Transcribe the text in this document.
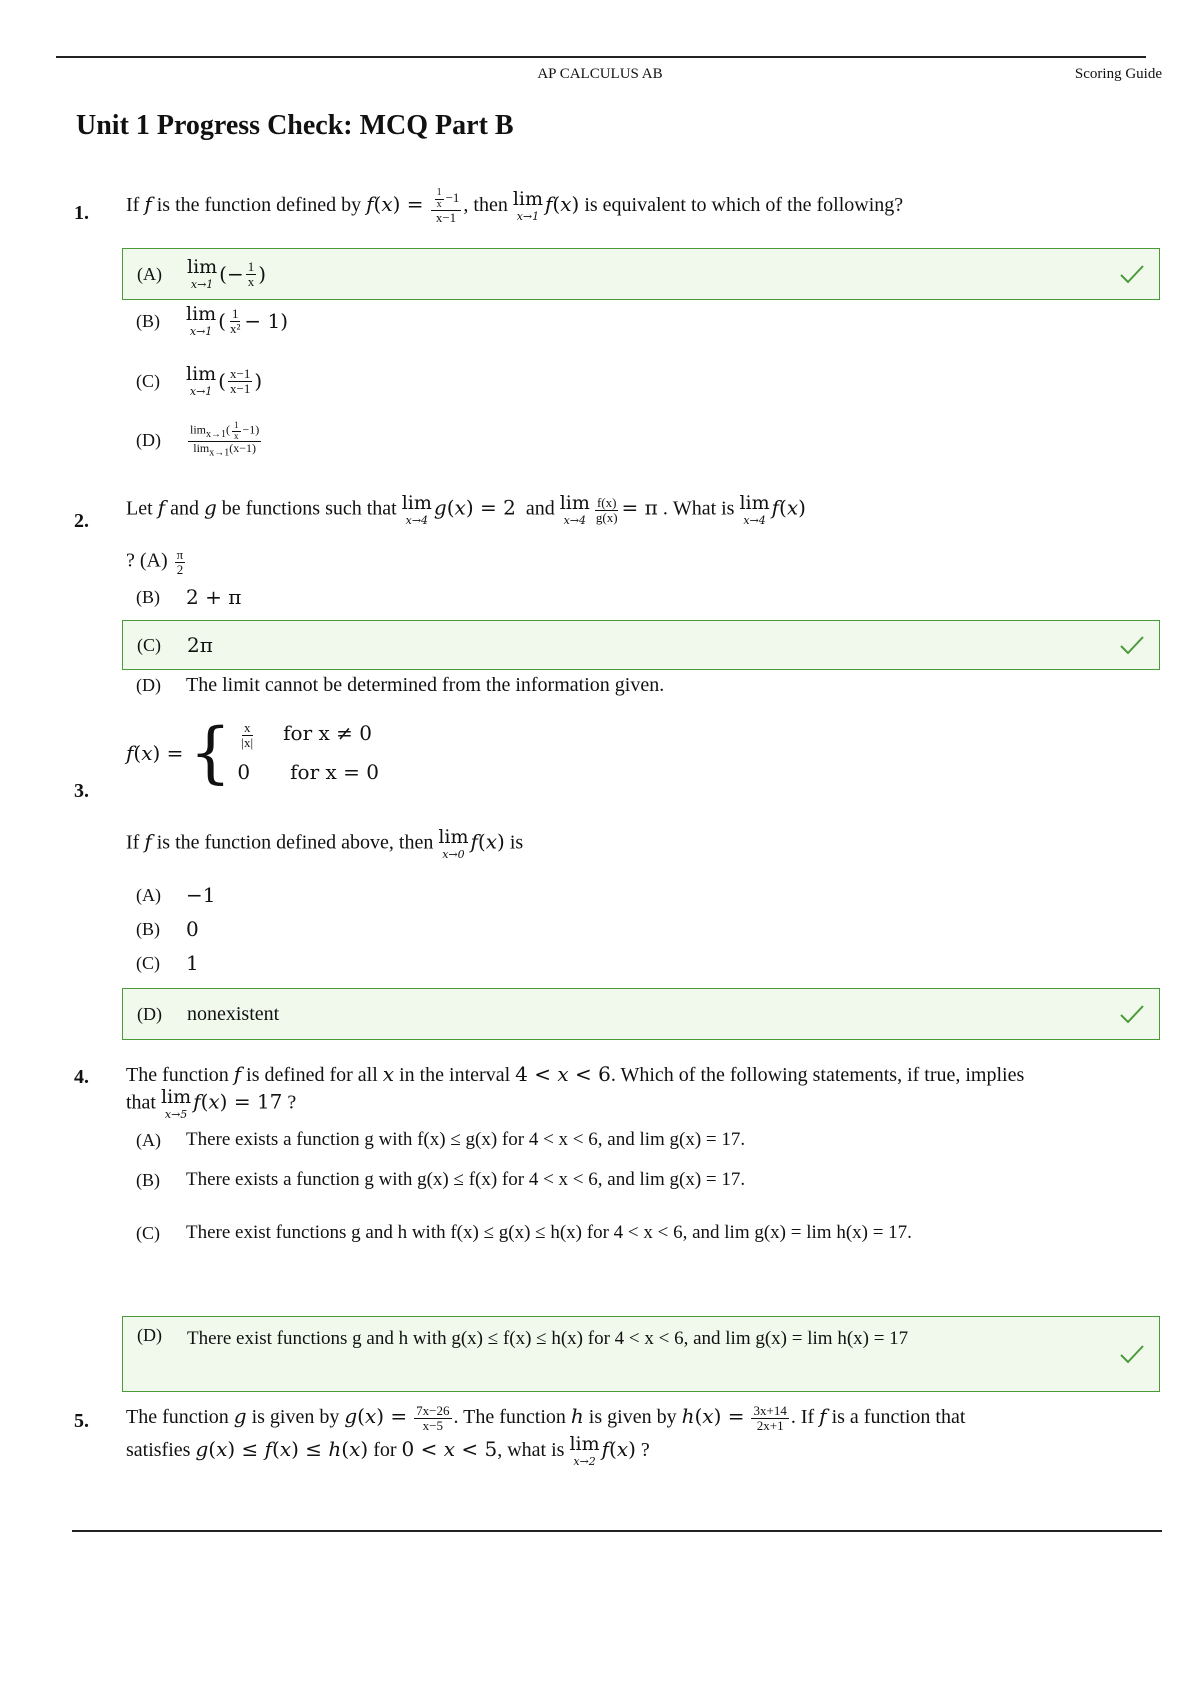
AP CALCULUS AB	Scoring Guide
Unit 1 Progress Check: MCQ Part B
1. If f is the function defined by $f(x) = \frac{\frac{1}{x} -1}{x-1}$ , then lim
x→1
f(x) is equivalent to which of the following?
(A)	lim
x→1 (− $\frac{1}{x}$ )
(B)	lim
x→1 ( $\frac{1}{\text{x²}} - 1$)
(C)	lim
x→1 ( $\frac{x-1}{x-1}$ )
(D)	$\frac{\lim_{x\to 1}( \frac{1}{x} -1)}{\lim_{x\to 1}(x-1)}$
2.
Let f and g be functions such that lim
x→4
g(x) = 2 and lim
$x\to 4 \frac{f(x)}{g(x)} = \pi$ . What is lim
x→4
f(x)
? $(A) \frac{\pi}{2}$
(B)	2 + π
(C)	2π
(D)	The limit cannot be determined from the information given.
3.
f ( x ) = { $\frac{x}{|x|}$ for x ≠ 0
0 for x = 0
If f is the function defined above, then lim
x→0
f(x) is
(A)	−1
(B)	0
(C)	1
(D)	nonexistent
4. The function f is defined for all x in the interval 4 < x < 6. Which of the following statements, if true, implies
that lim
x→5
f(x) = 17 ?
(A)	There exists a function g with f(x) ≤ g(x) for 4 < x < 6, and lim g(x) = 17.
(B)	There exists a function g with g(x) ≤ f(x) for 4 < x < 6, and lim g(x) = 17.
(C)	There exist functions g and h with f(x) ≤ g(x) ≤ h(x) for 4 < x < 6, and lim g(x) = lim h(x) = 17.
(D)	There exist functions g and h with g(x) ≤ f(x) ≤ h(x) for 4 < x < 6, and lim g(x) = lim h(x) = 17
5. The function g is given by $g(x) = \frac{7x-26}{x-5}$ . The function h is given by $h(x) = \frac{3x+14}{2x+1}$ . If f is a function that
satisfies g(x) ≤ f(x) ≤ h(x) for 0 < x < 5, what is lim
x→2
f(x) ?
